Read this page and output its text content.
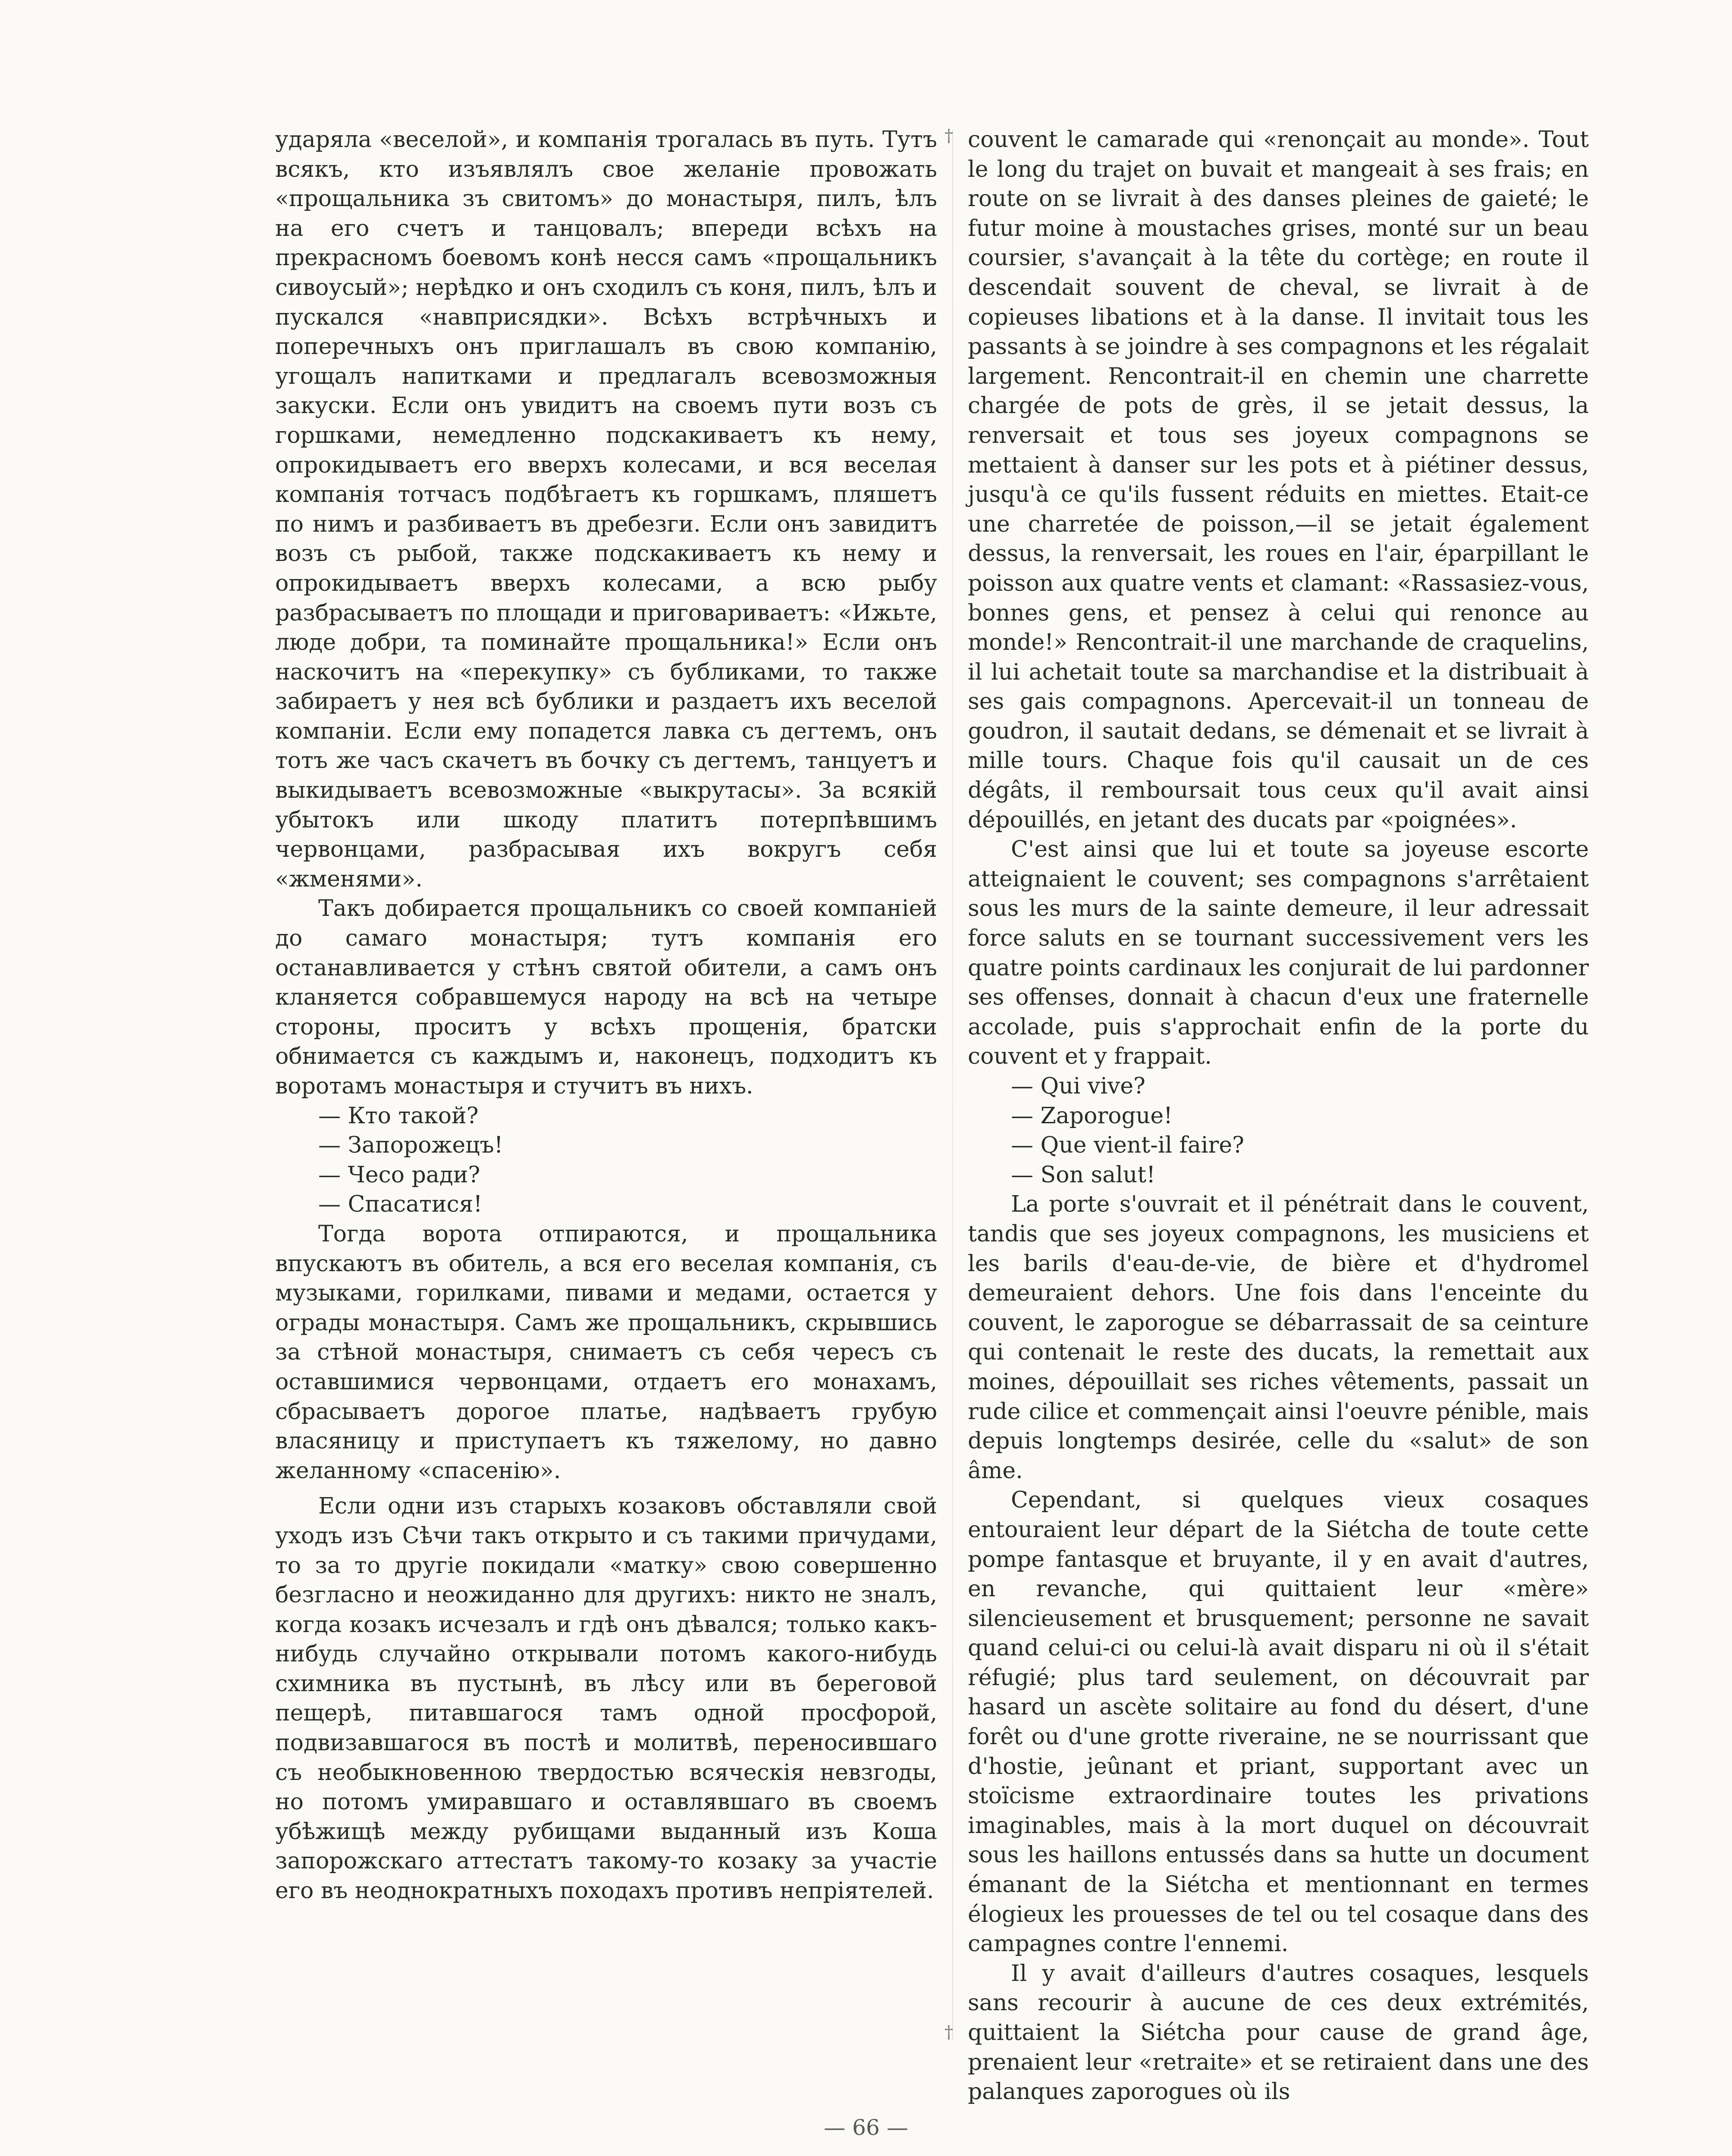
ударяла «веселой», и компанія трогалась въ путь. Тутъ всякъ, кто изъявлялъ свое желаніе провожать «прощальника зъ свитомъ» до монастыря, пилъ, ѣлъ на его счетъ и танцовалъ; впереди всѣхъ на прекрасномъ боевомъ конѣ несся самъ «прощальникъ сивоусый»; нерѣдко и онъ сходилъ съ коня, пилъ, ѣлъ и пускался «навприсядки». Всѣхъ встрѣчныхъ и поперечныхъ онъ приглашалъ въ свою компанію, угощалъ напитками и предлагалъ всевозможныя закуски. Если онъ увидитъ на своемъ пути возъ съ горшками, немедленно подскакиваетъ къ нему, опрокидываетъ его вверхъ колесами, и вся веселая компанія тотчасъ подбѣгаетъ къ горшкамъ, пляшетъ по нимъ и разбиваетъ въ дребезги. Если онъ завидитъ возъ съ рыбой, также подскакиваетъ къ нему и опрокидываетъ вверхъ колесами, а всю рыбу разбрасываетъ по площади и приговариваетъ: «Ижьте, люде добри, та поминайте прощальника!» Если онъ наскочитъ на «перекупку» съ бубликами, то также забираетъ у нея всѣ бублики и раздаетъ ихъ веселой компаніи. Если ему попадется лавка съ дегтемъ, онъ тотъ же часъ скачетъ въ бочку съ дегтемъ, танцуетъ и выкидываетъ всевозможные «выкрутасы». За всякій убытокъ или шкоду платитъ потерпѣвшимъ червонцами, разбрасывая ихъ вокругъ себя «жменями».

Такъ добирается прощальникъ со своей компаніей до самаго монастыря; тутъ компанія его останавливается у стѣнъ святой обители, а самъ онъ кланяется собравшемуся народу на всѣ на четыре стороны, проситъ у всѣхъ прощенія, братски обнимается съ каждымъ и, наконецъ, подходитъ къ воротамъ монастыря и стучитъ въ нихъ.

— Кто такой?

— Запорожецъ!

— Чесо ради?

— Спасатися!

Тогда ворота отпираются, и прощальника впускаютъ въ обитель, а вся его веселая компанія, съ музыками, горилками, пивами и медами, остается у ограды монастыря. Самъ же прощальникъ, скрывшись за стѣной монастыря, снимаетъ съ себя чересъ съ оставшимися червонцами, отдаетъ его монахамъ, сбрасываетъ дорогое платье, надѣваетъ грубую власяницу и приступаетъ къ тяжелому, но давно желанному «спасенію».

Если одни изъ старыхъ козаковъ обставляли свой уходъ изъ Сѣчи такъ открыто и съ такими причудами, то за то другіе покидали «матку» свою совершенно безгласно и неожиданно для другихъ: никто не зналъ, когда козакъ исчезалъ и гдѣ онъ дѣвался; только какъ-нибудь случайно открывали потомъ какого-нибудь схимника въ пустынѣ, въ лѣсу или въ береговой пещерѣ, питавшагося тамъ одной просфорой, подвизавшагося въ постѣ и молитвѣ, переносившаго съ необыкновенною твердостью всяческія невзгоды, но потомъ умиравшаго и оставлявшаго въ своемъ убѣжищѣ между рубищами выданный изъ Коша запорожскаго аттестатъ такому-то козаку за участіе его въ неоднократныхъ походахъ противъ непріятелей.

†
†

couvent le camarade qui «renonçait au monde». Tout le long du trajet on buvait et mangeait à ses frais; en route on se livrait à des danses pleines de gaieté; le futur moine à moustaches grises, monté sur un beau coursier, s'avançait à la tête du cortège; en route il descendait souvent de cheval, se livrait à de copieuses libations et à la danse. Il invitait tous les passants à se joindre à ses compagnons et les régalait largement. Rencontrait-il en chemin une charrette chargée de pots de grès, il se jetait dessus, la renversait et tous ses joyeux compagnons se mettaient à danser sur les pots et à piétiner dessus, jusqu'à ce qu'ils fussent réduits en miettes. Etait-ce une charretée de poisson,—il se jetait également dessus, la renversait, les roues en l'air, éparpillant le poisson aux quatre vents et clamant: «Rassasiez-vous, bonnes gens, et pensez à celui qui renonce au monde!» Rencontrait-il une marchande de craquelins, il lui achetait toute sa marchandise et la distribuait à ses gais compagnons. Apercevait-il un tonneau de goudron, il sautait dedans, se démenait et se livrait à mille tours. Chaque fois qu'il causait un de ces dégâts, il remboursait tous ceux qu'il avait ainsi dépouillés, en jetant des ducats par «poignées».

C'est ainsi que lui et toute sa joyeuse escorte atteignaient le couvent; ses compagnons s'arrêtaient sous les murs de la sainte demeure, il leur adressait force saluts en se tournant successivement vers les quatre points cardinaux les conjurait de lui pardonner ses offenses, donnait à chacun d'eux une fraternelle accolade, puis s'approchait enfin de la porte du couvent et y frappait.

— Qui vive?

— Zaporogue!

— Que vient-il faire?

— Son salut!

La porte s'ouvrait et il pénétrait dans le couvent, tandis que ses joyeux compagnons, les musiciens et les barils d'eau-de-vie, de bière et d'hydromel demeuraient dehors. Une fois dans l'enceinte du couvent, le zaporogue se débarrassait de sa ceinture qui contenait le reste des ducats, la remettait aux moines, dépouillait ses riches vêtements, passait un rude cilice et commençait ainsi l'oeuvre pénible, mais depuis longtemps desirée, celle du «salut» de son âme.

Cependant, si quelques vieux cosaques entouraient leur départ de la Siétcha de toute cette pompe fantasque et bruyante, il y en avait d'autres, en revanche, qui quittaient leur «mère» silencieusement et brusquement; personne ne savait quand celui-ci ou celui-là avait disparu ni où il s'était réfugié; plus tard seulement, on découvrait par hasard un ascète solitaire au fond du désert, d'une forêt ou d'une grotte riveraine, ne se nourrissant que d'hostie, jeûnant et priant, supportant avec un stoïcisme extraordinaire toutes les privations imaginables, mais à la mort duquel on découvrait sous les haillons entussés dans sa hutte un document émanant de la Siétcha et mentionnant en termes élogieux les prouesses de tel ou tel cosaque dans des campagnes contre l'ennemi.

Il y avait d'ailleurs d'autres cosaques, lesquels sans recourir à aucune de ces deux extrémités, quittaient la Siétcha pour cause de grand âge, prenaient leur «retraite» et se retiraient dans une des palanques zaporogues où ils

— 66 —
